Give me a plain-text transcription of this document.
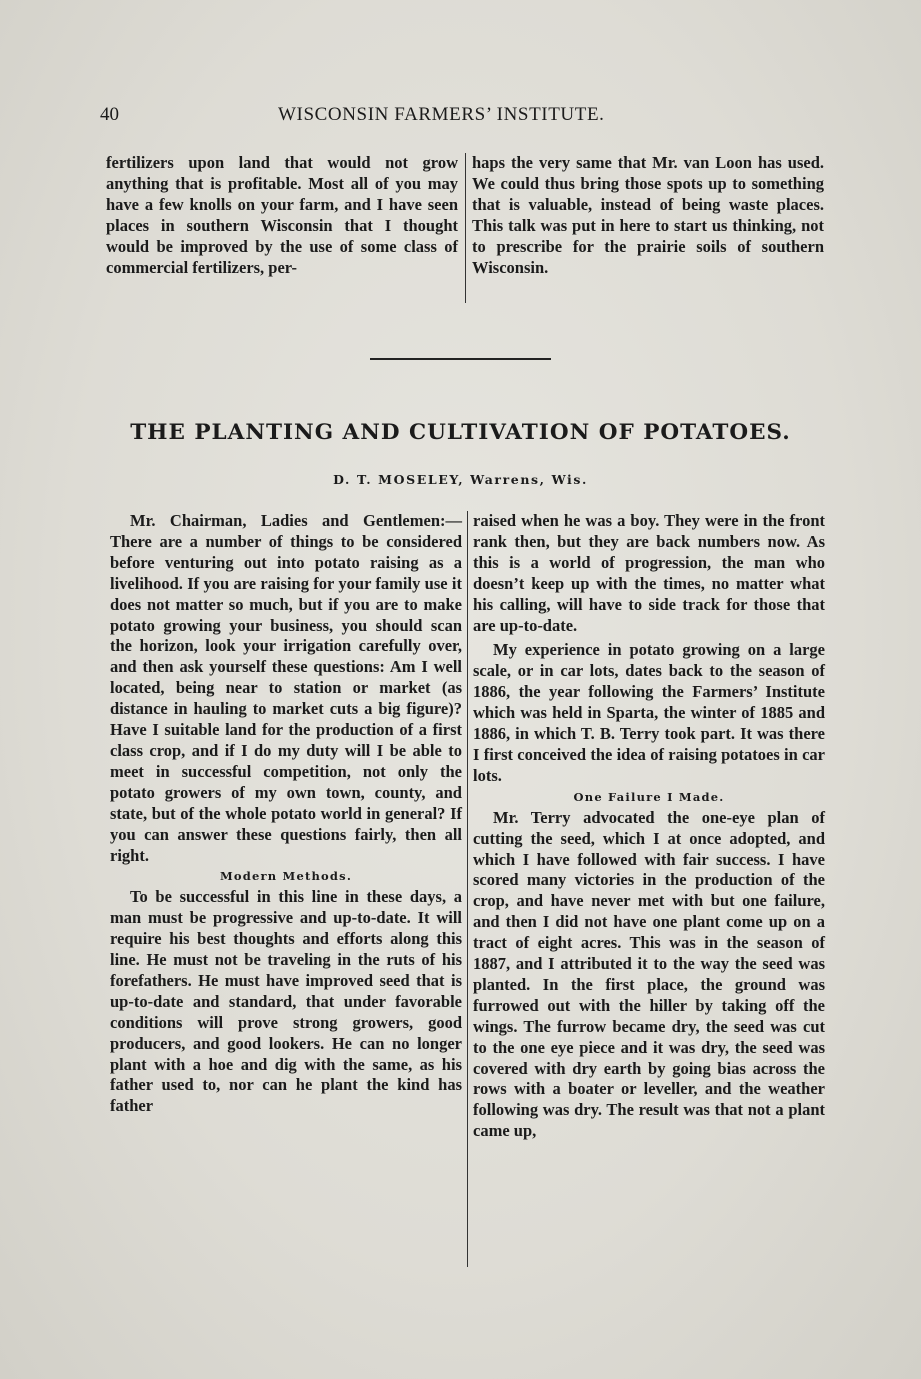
40	WISCONSIN FARMERS’ INSTITUTE.

fertilizers upon land that would not grow anything that is profitable. Most all of you may have a few knolls on your farm, and I have seen places in southern Wisconsin that I thought would be improved by the use of some class of commercial fertilizers, per-

haps the very same that Mr. van Loon has used. We could thus bring those spots up to something that is valuable, instead of being waste places. This talk was put in here to start us thinking, not to prescribe for the prairie soils of southern Wisconsin.

THE PLANTING AND CULTIVATION OF POTATOES.
D. T. MOSELEY, Warrens, Wis.

Mr. Chairman, Ladies and Gentlemen:—There are a number of things to be considered before venturing out into potato raising as a livelihood. If you are raising for your family use it does not matter so much, but if you are to make potato growing your business, you should scan the horizon, look your irrigation carefully over, and then ask yourself these questions: Am I well located, being near to station or market (as distance in hauling to market cuts a big figure)? Have I suitable land for the production of a first class crop, and if I do my duty will I be able to meet in successful competition, not only the potato growers of my own town, county, and state, but of the whole potato world in general? If you can answer these questions fairly, then all right.

Modern Methods.

To be successful in this line in these days, a man must be progressive and up-to-date. It will require his best thoughts and efforts along this line. He must not be traveling in the ruts of his forefathers. He must have improved seed that is up-to-date and standard, that under favorable conditions will prove strong growers, good producers, and good lookers. He can no longer plant with a hoe and dig with the same, as his father used to, nor can he plant the kind has father

raised when he was a boy. They were in the front rank then, but they are back numbers now. As this is a world of progression, the man who doesn’t keep up with the times, no matter what his calling, will have to side track for those that are up-to-date.

My experience in potato growing on a large scale, or in car lots, dates back to the season of 1886, the year following the Farmers’ Institute which was held in Sparta, the winter of 1885 and 1886, in which T. B. Terry took part. It was there I first conceived the idea of raising potatoes in car lots.

One Failure I Made.

Mr. Terry advocated the one-eye plan of cutting the seed, which I at once adopted, and which I have followed with fair success. I have scored many victories in the production of the crop, and have never met with but one failure, and then I did not have one plant come up on a tract of eight acres. This was in the season of 1887, and I attributed it to the way the seed was planted. In the first place, the ground was furrowed out with the hiller by taking off the wings. The furrow became dry, the seed was cut to the one eye piece and it was dry, the seed was covered with dry earth by going bias across the rows with a boater or leveller, and the weather following was dry. The result was that not a plant came up,
